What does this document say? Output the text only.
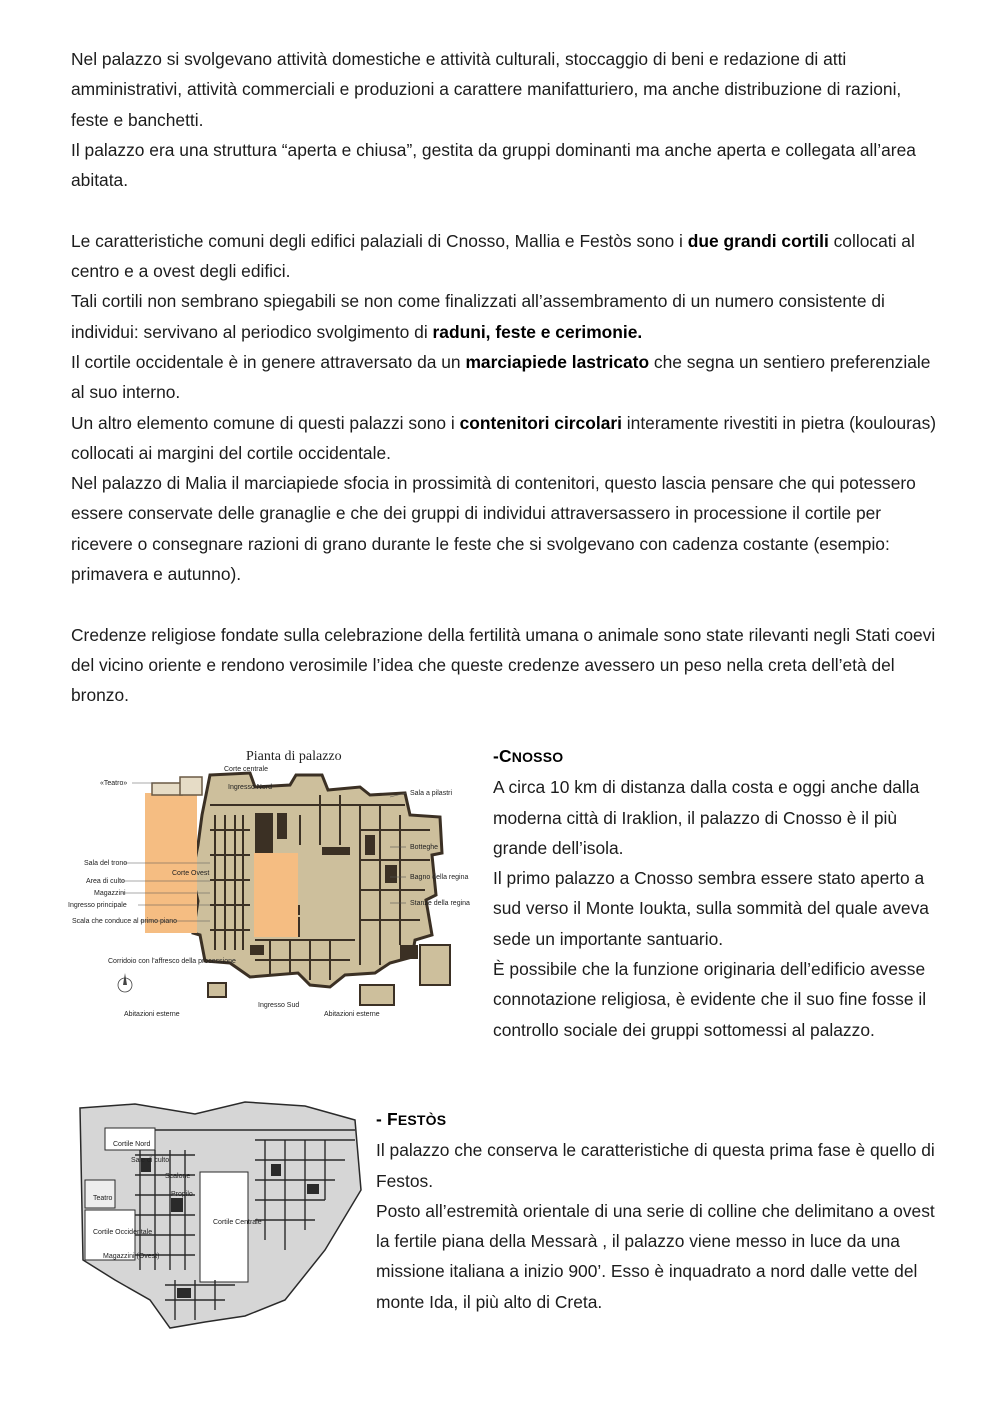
Nel palazzo si svolgevano attività domestiche e attività culturali, stoccaggio di beni e redazione di atti amministrativi, attività commerciali e produzioni a carattere manifatturiero, ma anche distribuzione di razioni, feste e banchetti.

Il palazzo era una struttura “aperta e chiusa”, gestita da gruppi dominanti ma anche aperta e collegata all’area abitata.

Le caratteristiche comuni degli edifici palaziali di Cnosso, Mallia e Festòs sono i due grandi cortili collocati al centro e a ovest degli edifici.

Tali cortili non sembrano spiegabili se non come finalizzati all’assembramento di un numero consistente di individui: servivano al periodico svolgimento di raduni, feste e cerimonie.

Il cortile occidentale è in genere attraversato da un marciapiede lastricato che segna un sentiero preferenziale al suo interno.

Un altro elemento comune di questi palazzi sono i contenitori circolari interamente rivestiti in pietra (koulouras) collocati ai margini del cortile occidentale.

Nel palazzo di Malia il marciapiede sfocia in prossimità di contenitori, questo lascia pensare che qui potessero essere conservate delle granaglie e che dei gruppi di individui attraversassero in processione il cortile per ricevere o consegnare razioni di grano durante le feste che si svolgevano con cadenza costante (esempio: primavera e autunno).

Credenze religiose fondate sulla celebrazione della fertilità umana o animale sono state rilevanti negli Stati coevi del vicino oriente e rendono verosimile l’idea che queste credenze avessero un peso nella creta dell’età del bronzo.

Pianta di palazzo
«Teatro»
Corte centrale
Ingresso Nord
Sala a pilastri
Botteghe
Corte Ovest
Sala del trono
Area di culto
Magazzini
Ingresso principale
Scala che conduce al primo piano
Corridoio con l’affresco della processione
Bagno della regina
Stanze della regina
Ingresso Sud
Abitazioni esterne	Abitazioni esterne

-CNOSSO

A circa 10 km di distanza dalla costa e oggi anche dalla moderna città di Iraklion, il palazzo di Cnosso è il più grande dell’isola.

Il primo palazzo a Cnosso sembra essere stato aperto a sud verso il Monte Ioukta, sulla sommità del quale aveva sede un importante santuario.

È possibile che la funzione originaria dell’edificio avesse connotazione religiosa, è evidente che il suo fine fosse il controllo sociale dei gruppi sottomessi al palazzo.

Cortile Nord
Sale di culto
Scalone
Propilo
Teatro
Cortile Occidentale
Magazzini (Ovest)
Cortile Centrale

- FESTÒS

Il palazzo che conserva le caratteristiche di questa prima fase è quello di Festos.

Posto all’estremità orientale di una serie di colline che delimitano a ovest la fertile piana della Messarà , il palazzo viene messo in luce da una missione italiana a inizio 900’. Esso è inquadrato a nord dalle vette del monte Ida, il più alto di Creta.
